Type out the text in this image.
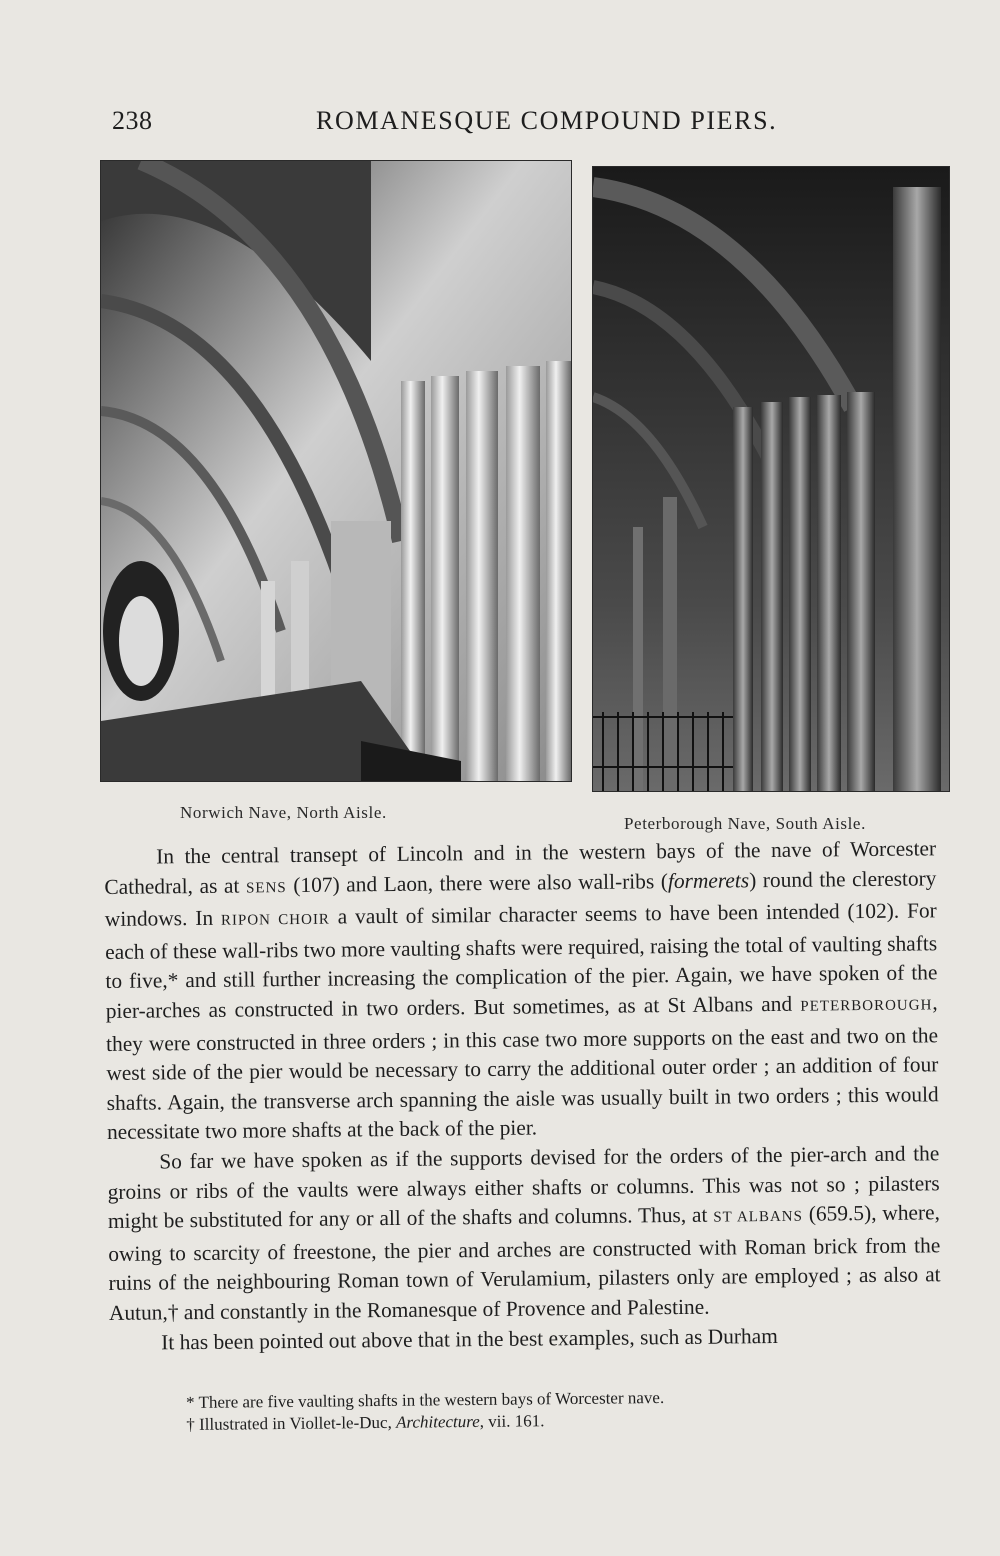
238	ROMANESQUE COMPOUND PIERS.
Norwich Nave, North Aisle.
Peterborough Nave, South Aisle.

In the central transept of Lincoln and in the western bays of the nave of Worcester Cathedral, as at SENS (107) and Laon, there were also wall-ribs (formerets) round the clerestory windows. In RIPON CHOIR a vault of similar character seems to have been intended (102). For each of these wall-ribs two more vaulting shafts were required, raising the total of vaulting shafts to five,* and still further increasing the complication of the pier. Again, we have spoken of the pier-arches as constructed in two orders. But sometimes, as at St Albans and PETERBOROUGH, they were constructed in three orders ; in this case two more supports on the east and two on the west side of the pier would be necessary to carry the additional outer order ; an addition of four shafts. Again, the transverse arch spanning the aisle was usually built in two orders ; this would necessitate two more shafts at the back of the pier.

So far we have spoken as if the supports devised for the orders of the pier-arch and the groins or ribs of the vaults were always either shafts or columns. This was not so ; pilasters might be substituted for any or all of the shafts and columns. Thus, at ST ALBANS (659.5), where, owing to scarcity of freestone, the pier and arches are constructed with Roman brick from the ruins of the neighbouring Roman town of Verulamium, pilasters only are employed ; as also at Autun,† and constantly in the Romanesque of Provence and Palestine.

It has been pointed out above that in the best examples, such as Durham

* There are five vaulting shafts in the western bays of Worcester nave.

† Illustrated in Viollet-le-Duc, Architecture, vii. 161.
